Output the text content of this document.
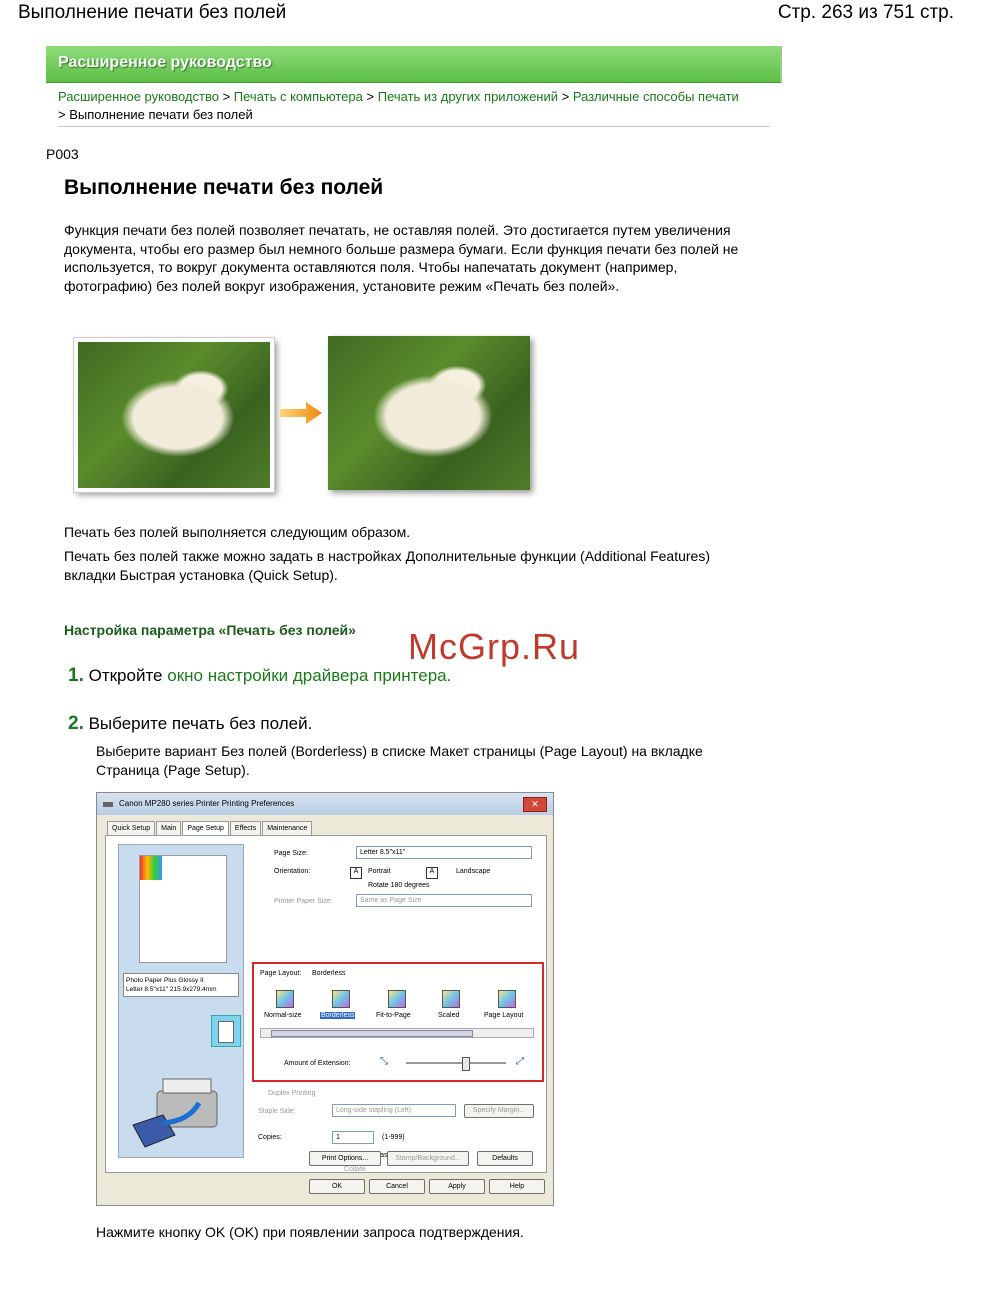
Выполнение печати без полей	Стр. 263 из 751 стр.
Расширенное руководство
Расширенное руководство > Печать с компьютера > Печать из других приложений > Различные способы печати
> Выполнение печати без полей
P003
Выполнение печати без полей
Функция печати без полей позволяет печатать, не оставляя полей. Это достигается путем увеличения документа, чтобы его размер был немного больше размера бумаги. Если функция печати без полей не используется, то вокруг документа оставляются поля. Чтобы напечатать документ (например, фотографию) без полей вокруг изображения, установите режим «Печать без полей».
Печать без полей выполняется следующим образом.
Печать без полей также можно задать в настройках Дополнительные функции (Additional Features) вкладки Быстрая установка (Quick Setup).
Настройка параметра «Печать без полей» McGrp.Ru
1. Откройте окно настройки драйвера принтера.
2. Выберите печать без полей.
Выберите вариант Без полей (Borderless) в списке Макет страницы (Page Layout) на вкладке Страница (Page Setup).
Canon MP280 series Printer Printing Preferences	✕
Quick Setup Main Page Setup Effects Maintenance
Photo Paper Plus Glossy II
Letter 8.5"x11" 215.9x279.4mm
Page Size:	Letter 8.5"x11"
Orientation:	A	Portrait	A	Landscape
Rotate 180 degrees
Printer Paper Size:	Same as Page Size
Page Layout: Borderless
Normal-size	Borderless	Fit-to-Page	Scaled	Page Layout
Amount of Extension:	⤡	⤢
Duplex Printing
Staple Side:	Long-side stapling (Left)	Specify Margin...
Copies:	1	(1-999)
Last
Collate
Print Options...	Stamp/Background...	Defaults
OK	Cancel	Apply	Help
Нажмите кнопку OK (OK) при появлении запроса подтверждения.
